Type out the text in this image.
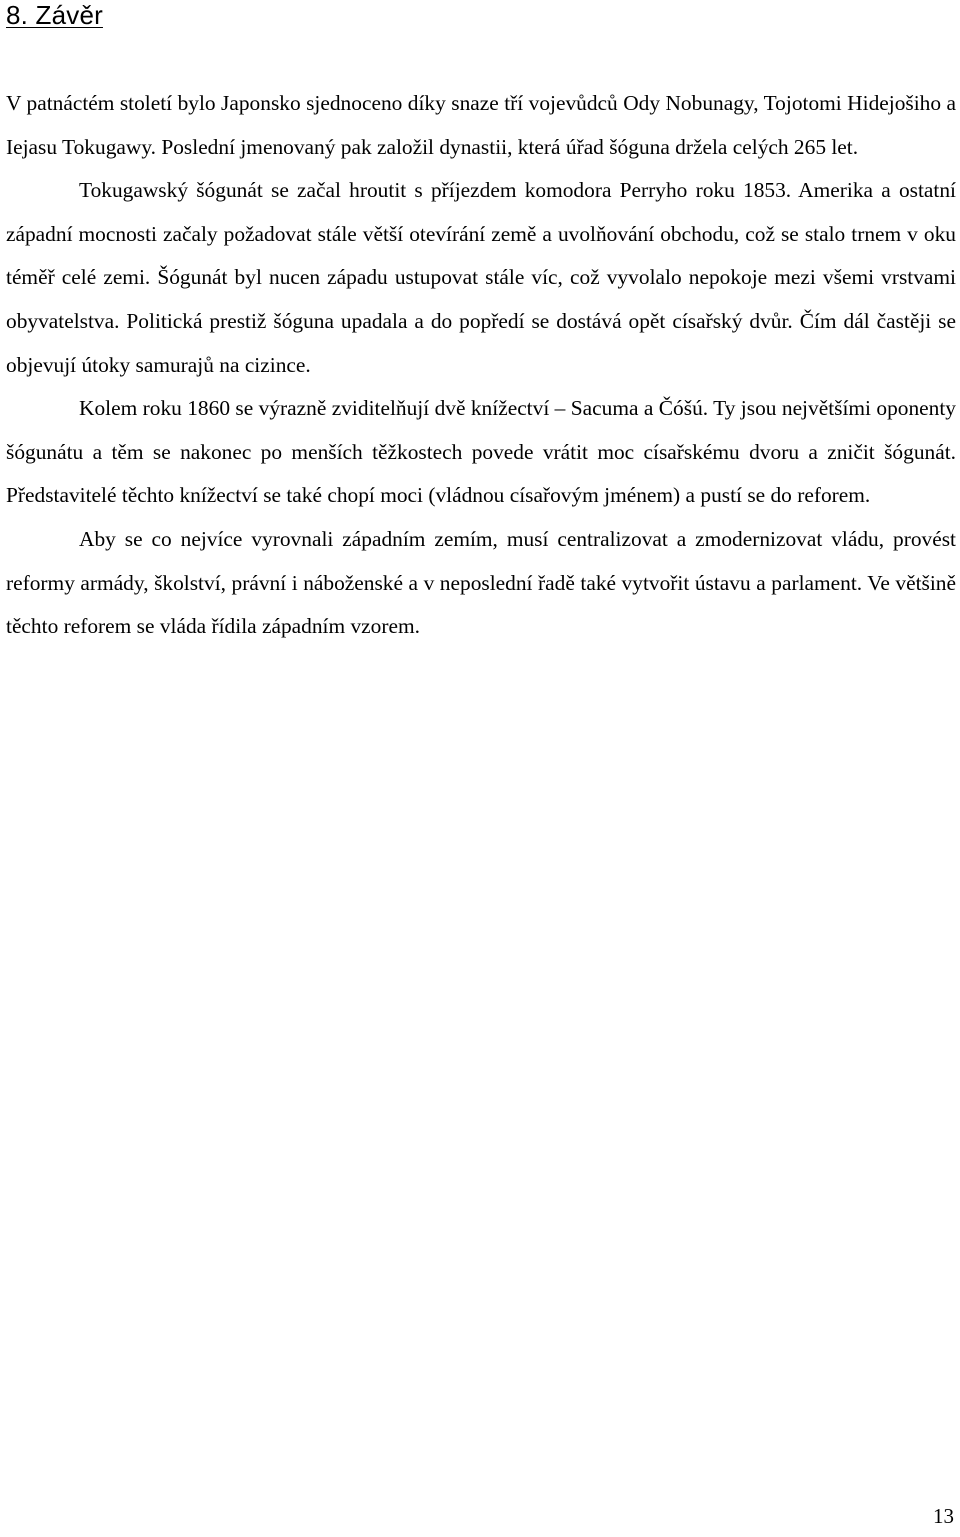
8. Závěr

V patnáctém století bylo Japonsko sjednoceno díky snaze tří vojevůdců Ody Nobunagy, Tojotomi Hidejošiho a Iejasu Tokugawy. Poslední jmenovaný pak založil dynastii, která úřad šóguna držela celých 265 let.

Tokugawský šógunát se začal hroutit s příjezdem komodora Perryho roku 1853. Amerika a ostatní západní mocnosti začaly požadovat stále větší otevírání země a uvolňování obchodu, což se stalo trnem v oku téměř celé zemi. Šógunát byl nucen západu ustupovat stále víc, což vyvolalo nepokoje mezi všemi vrstvami obyvatelstva. Politická prestiž šóguna upadala a do popředí se dostává opět císařský dvůr. Čím dál častěji se objevují útoky samurajů na cizince.

Kolem roku 1860 se výrazně zviditelňují dvě knížectví – Sacuma a Čóšú. Ty jsou největšími oponenty šógunátu a těm se nakonec po menších těžkostech povede vrátit moc císařskému dvoru a zničit šógunát. Představitelé těchto knížectví se také chopí moci (vládnou císařovým jménem) a pustí se do reforem.

Aby se co nejvíce vyrovnali západním zemím, musí centralizovat a zmodernizovat vládu, provést reformy armády, školství, právní i náboženské a v neposlední řadě také vytvořit ústavu a parlament. Ve většině těchto reforem se vláda řídila západním vzorem.

13
